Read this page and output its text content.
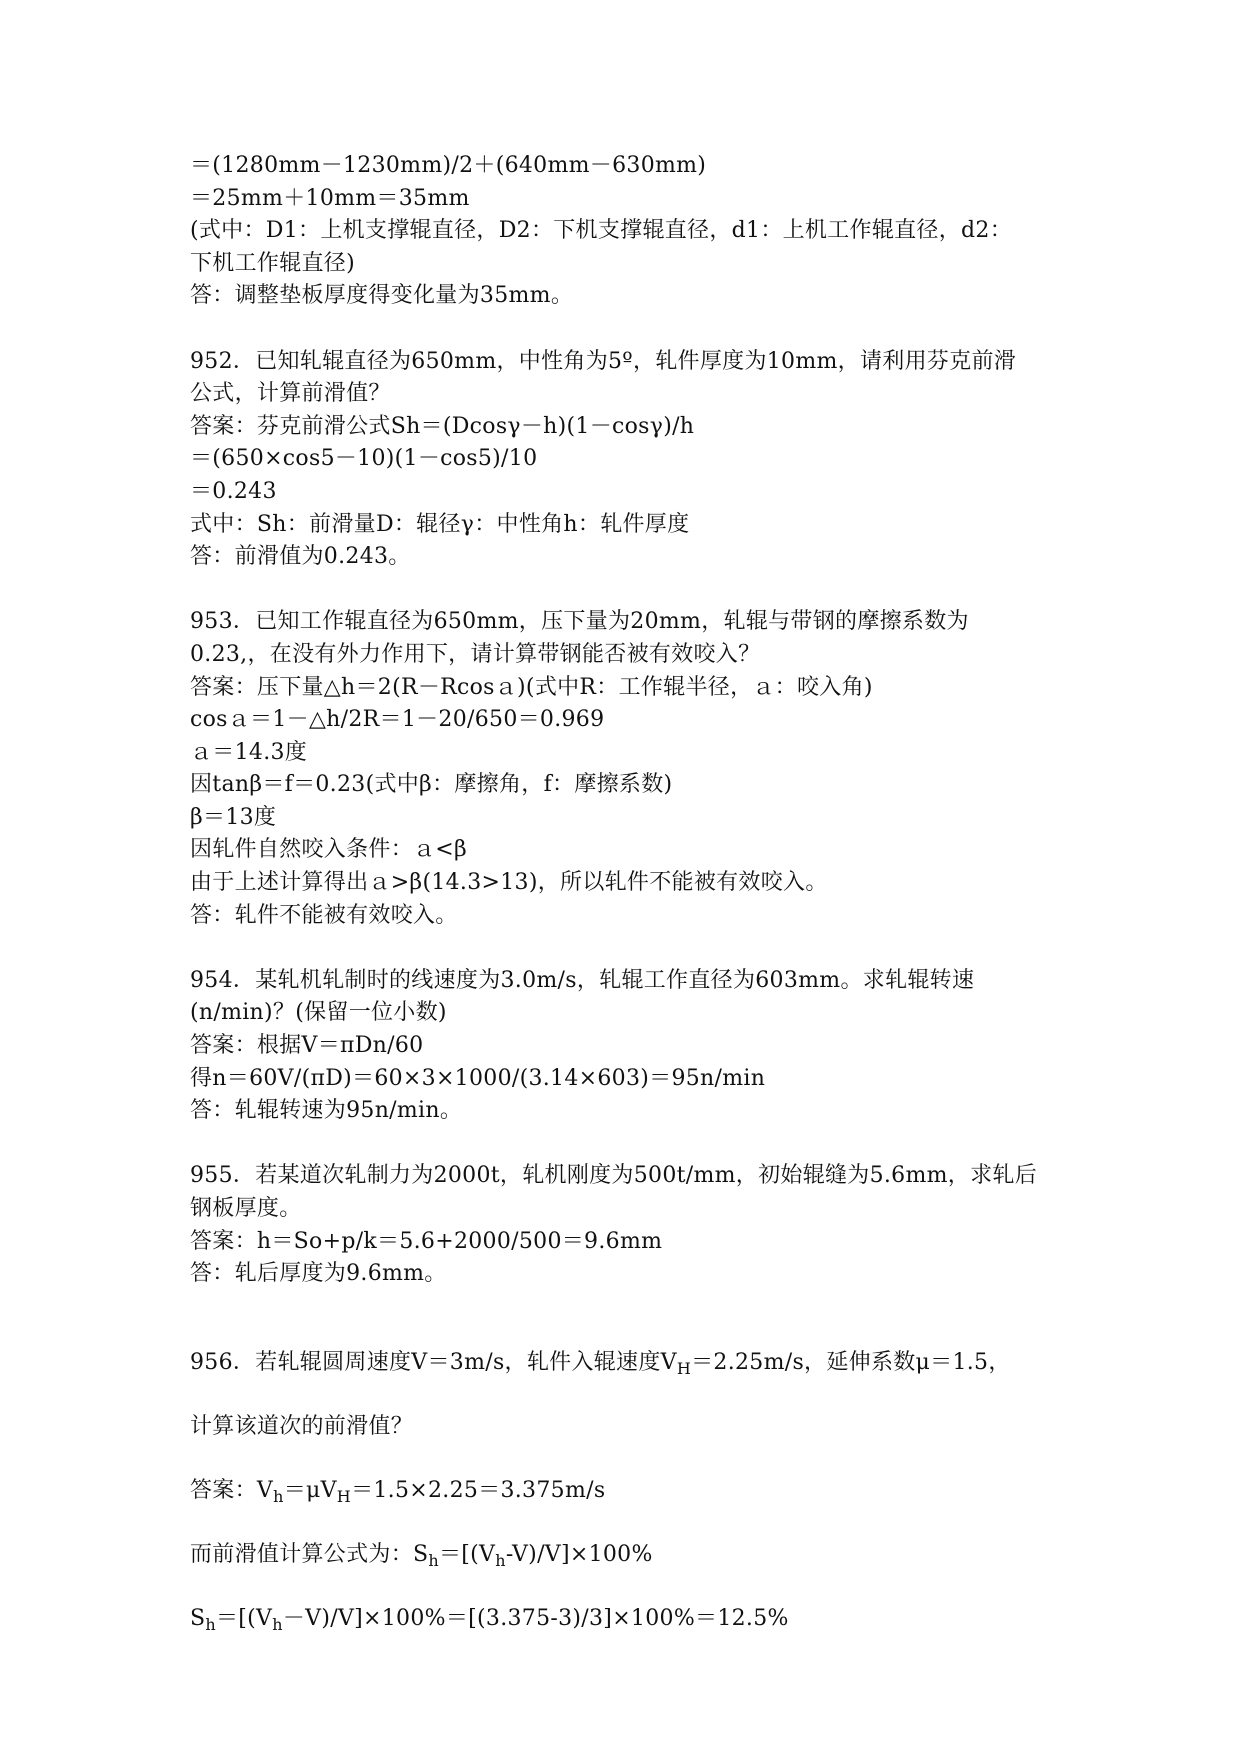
＝(1280mm－1230mm)/2＋(640mm－630mm)
＝25mm＋10mm＝35mm
(式中：D1：上机支撑辊直径，D2：下机支撑辊直径，d1：上机工作辊直径，d2：
下机工作辊直径)
答：调整垫板厚度得变化量为35mm。
952．已知轧辊直径为650mm，中性角为5º，轧件厚度为10mm，请利用芬克前滑
公式，计算前滑值？
答案：芬克前滑公式Sh＝(Dcosγ－h)(1－cosγ)/h
＝(650×cos5－10)(1－cos5)/10
＝0.243
式中：Sh：前滑量D：辊径γ：中性角h：轧件厚度
答：前滑值为0.243。
953．已知工作辊直径为650mm，压下量为20mm，轧辊与带钢的摩擦系数为
0.23,，在没有外力作用下，请计算带钢能否被有效咬入？
答案：压下量△h＝2(R－Rcosａ)(式中R：工作辊半径，ａ：咬入角)
cosａ＝1－△h/2R＝1－20/650＝0.969
ａ＝14.3度
因tanβ＝f＝0.23(式中β：摩擦角，f：摩擦系数)
β＝13度
因轧件自然咬入条件：ａ<β
由于上述计算得出ａ>β(14.3>13)，所以轧件不能被有效咬入。
答：轧件不能被有效咬入。
954．某轧机轧制时的线速度为3.0m/s，轧辊工作直径为603mm。求轧辊转速
(n/min)？(保留一位小数)
答案：根据V＝πDn/60
得n＝60V/(πD)＝60×3×1000/(3.14×603)＝95n/min
答：轧辊转速为95n/min。
955．若某道次轧制力为2000t，轧机刚度为500t/mm，初始辊缝为5.6mm，求轧后
钢板厚度。
答案：h＝So+p/k＝5.6+2000/500＝9.6mm
答：轧后厚度为9.6mm。
956．若轧辊圆周速度V＝3m/s，轧件入辊速度$V_H=2.25m/s$，延伸系数μ＝1.5，
计算该道次的前滑值？
答案：$V_h=\mu V_H=1.5\times 2.25=3.375m/s$
而前滑值计算公式为：$S_h=[(V_h-V)/V]\times 100\%$
$S_h=[(V_h-V)/V]\times 100\%=[(3.375-3)/3]\times 100\%=12.5\%$
